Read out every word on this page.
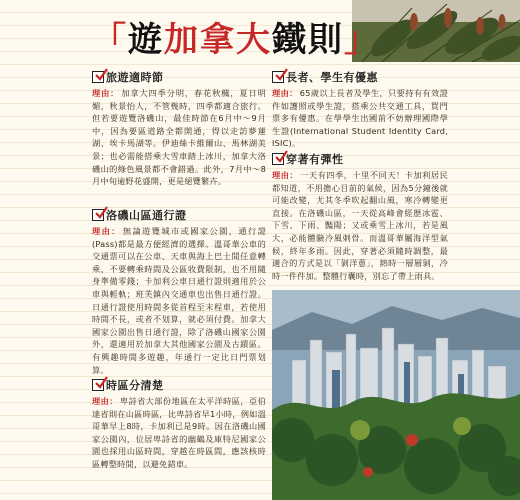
「遊加拿大鐵則」
旅遊適時節
理由： 加拿大四季分明，春花秋楓，夏日明媚，秋景怡人，不管幾時，四季都適合旅行。但若要遊覽洛磯山，最佳時節在6月中～9月中，因為要區道路全都開通，得以走訪夢蓮湖、埃卡馬湖等。伊迪絲卡維爾山、馬林湖美景；也必需能搭乘大雪車踏上冰川，加拿大洛磯山的綠色風景都不會錯過。此外，7月中～8月中旬逾野花盛開，更是絕覽繁卉。
洛磯山區通行證
理由： 無論遊覽城市或國家公園，通行證(Pass)都是最方便經濟的選擇。溫哥華公車的交通票可以在公車、天車與海上巴士間任意轉乘，不要轉乘時間及公區收費限制，也不用隨身準備零錢；卡加利公車日通行證則適用於公車與輕軌；班芙鎮內交通車也出售日通行證。日通行證使用時間多從首程至末程車，若使用時間不長，或者不划算，就必須付費。加拿大國家公園出售日通行證，除了洛磯山國家公園外，還適用於加拿大其他國家公園及古蹟區。有興趣時間多遊趣，年通行一定比日門票划算。
時區分清楚
理由： 卑詩省大部份地區在太平洋時區，亞伯達省則在山區時區，比卑詩省早1小時，例如溫哥華早上8時，卡加利已是9時。因在洛磯山國家公園內，位居卑詩省的幽鶴及庫特尼國家公園也採用山區時間，穿越在時區間，應該核時區轉整時間，以避免錯車。
長者、學生有優惠
理由： 65歲以上長者及學生，只要持有有效證件如護照或學生證，搭乘公共交通工具，買門票多有優惠。在學學生出國前不妨辦理國際學生證(International Student Identity Card, ISIC)。
穿著有彈性
理由： 一天有四季，十里不同天！卡加利居民都知道，不用擔心目前的氣候，因為5分鐘後就可能改變，尤其冬季吹起翻山風，寒冷轉變更直接。在洛磯山區，一天從高峰會經歷冰雹、下雪、下雨、豔陽；又或乘雪上冰川，若是風大，必能體驗冷風刺骨。而溫哥華屬海洋型氣候，終年多雨。因此，穿著必須隨時調整，最適合的方式是以「剝洋蔥」，熱時一層層剝，冷時一件件加。整體行囊時，別忘了帶上雨具。
